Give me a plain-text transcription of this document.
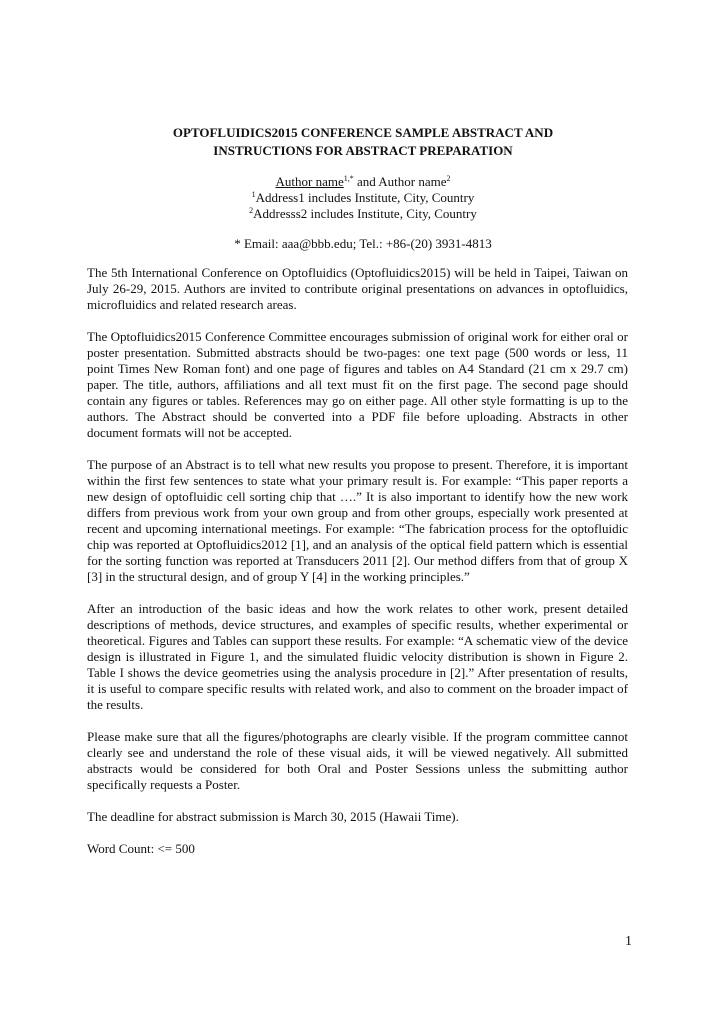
OPTOFLUIDICS2015 CONFERENCE SAMPLE ABSTRACT AND
INSTRUCTIONS FOR ABSTRACT PREPARATION
Author name$^{1,*}$ and Author name$^2$
$^1$Address1 includes Institute, City, Country
$^2$Addresss2 includes Institute, City, Country
* Email: aaa@bbb.edu; Tel.: +86-(20) 3931-4813

The 5th International Conference on Optofluidics (Optofluidics2015) will be held in Taipei, Taiwan on July 26-29, 2015. Authors are invited to contribute original presentations on advances in optofluidics, microfluidics and related research areas.

The Optofluidics2015 Conference Committee encourages submission of original work for either oral or poster presentation. Submitted abstracts should be two-pages: one text page (500 words or less, 11 point Times New Roman font) and one page of figures and tables on A4 Standard (21 cm x 29.7 cm) paper. The title, authors, affiliations and all text must fit on the first page. The second page should contain any figures or tables. References may go on either page. All other style formatting is up to the authors. The Abstract should be converted into a PDF file before uploading. Abstracts in other document formats will not be accepted.

The purpose of an Abstract is to tell what new results you propose to present. Therefore, it is important within the first few sentences to state what your primary result is. For example: “This paper reports a new design of optofluidic cell sorting chip that ….” It is also important to identify how the new work differs from previous work from your own group and from other groups, especially work presented at recent and upcoming international meetings. For example: “The fabrication process for the optofluidic chip was reported at Optofluidics2012 [1], and an analysis of the optical field pattern which is essential for the sorting function was reported at Transducers 2011 [2]. Our method differs from that of group X [3] in the structural design, and of group Y [4] in the working principles.”

After an introduction of the basic ideas and how the work relates to other work, present detailed descriptions of methods, device structures, and examples of specific results, whether experimental or theoretical. Figures and Tables can support these results. For example: “A schematic view of the device design is illustrated in Figure 1, and the simulated fluidic velocity distribution is shown in Figure 2. Table I shows the device geometries using the analysis procedure in [2].” After presentation of results, it is useful to compare specific results with related work, and also to comment on the broader impact of the results.

Please make sure that all the figures/photographs are clearly visible. If the program committee cannot clearly see and understand the role of these visual aids, it will be viewed negatively. All submitted abstracts would be considered for both Oral and Poster Sessions unless the submitting author specifically requests a Poster.

The deadline for abstract submission is March 30, 2015 (Hawaii Time).

Word Count: <= 500

1
